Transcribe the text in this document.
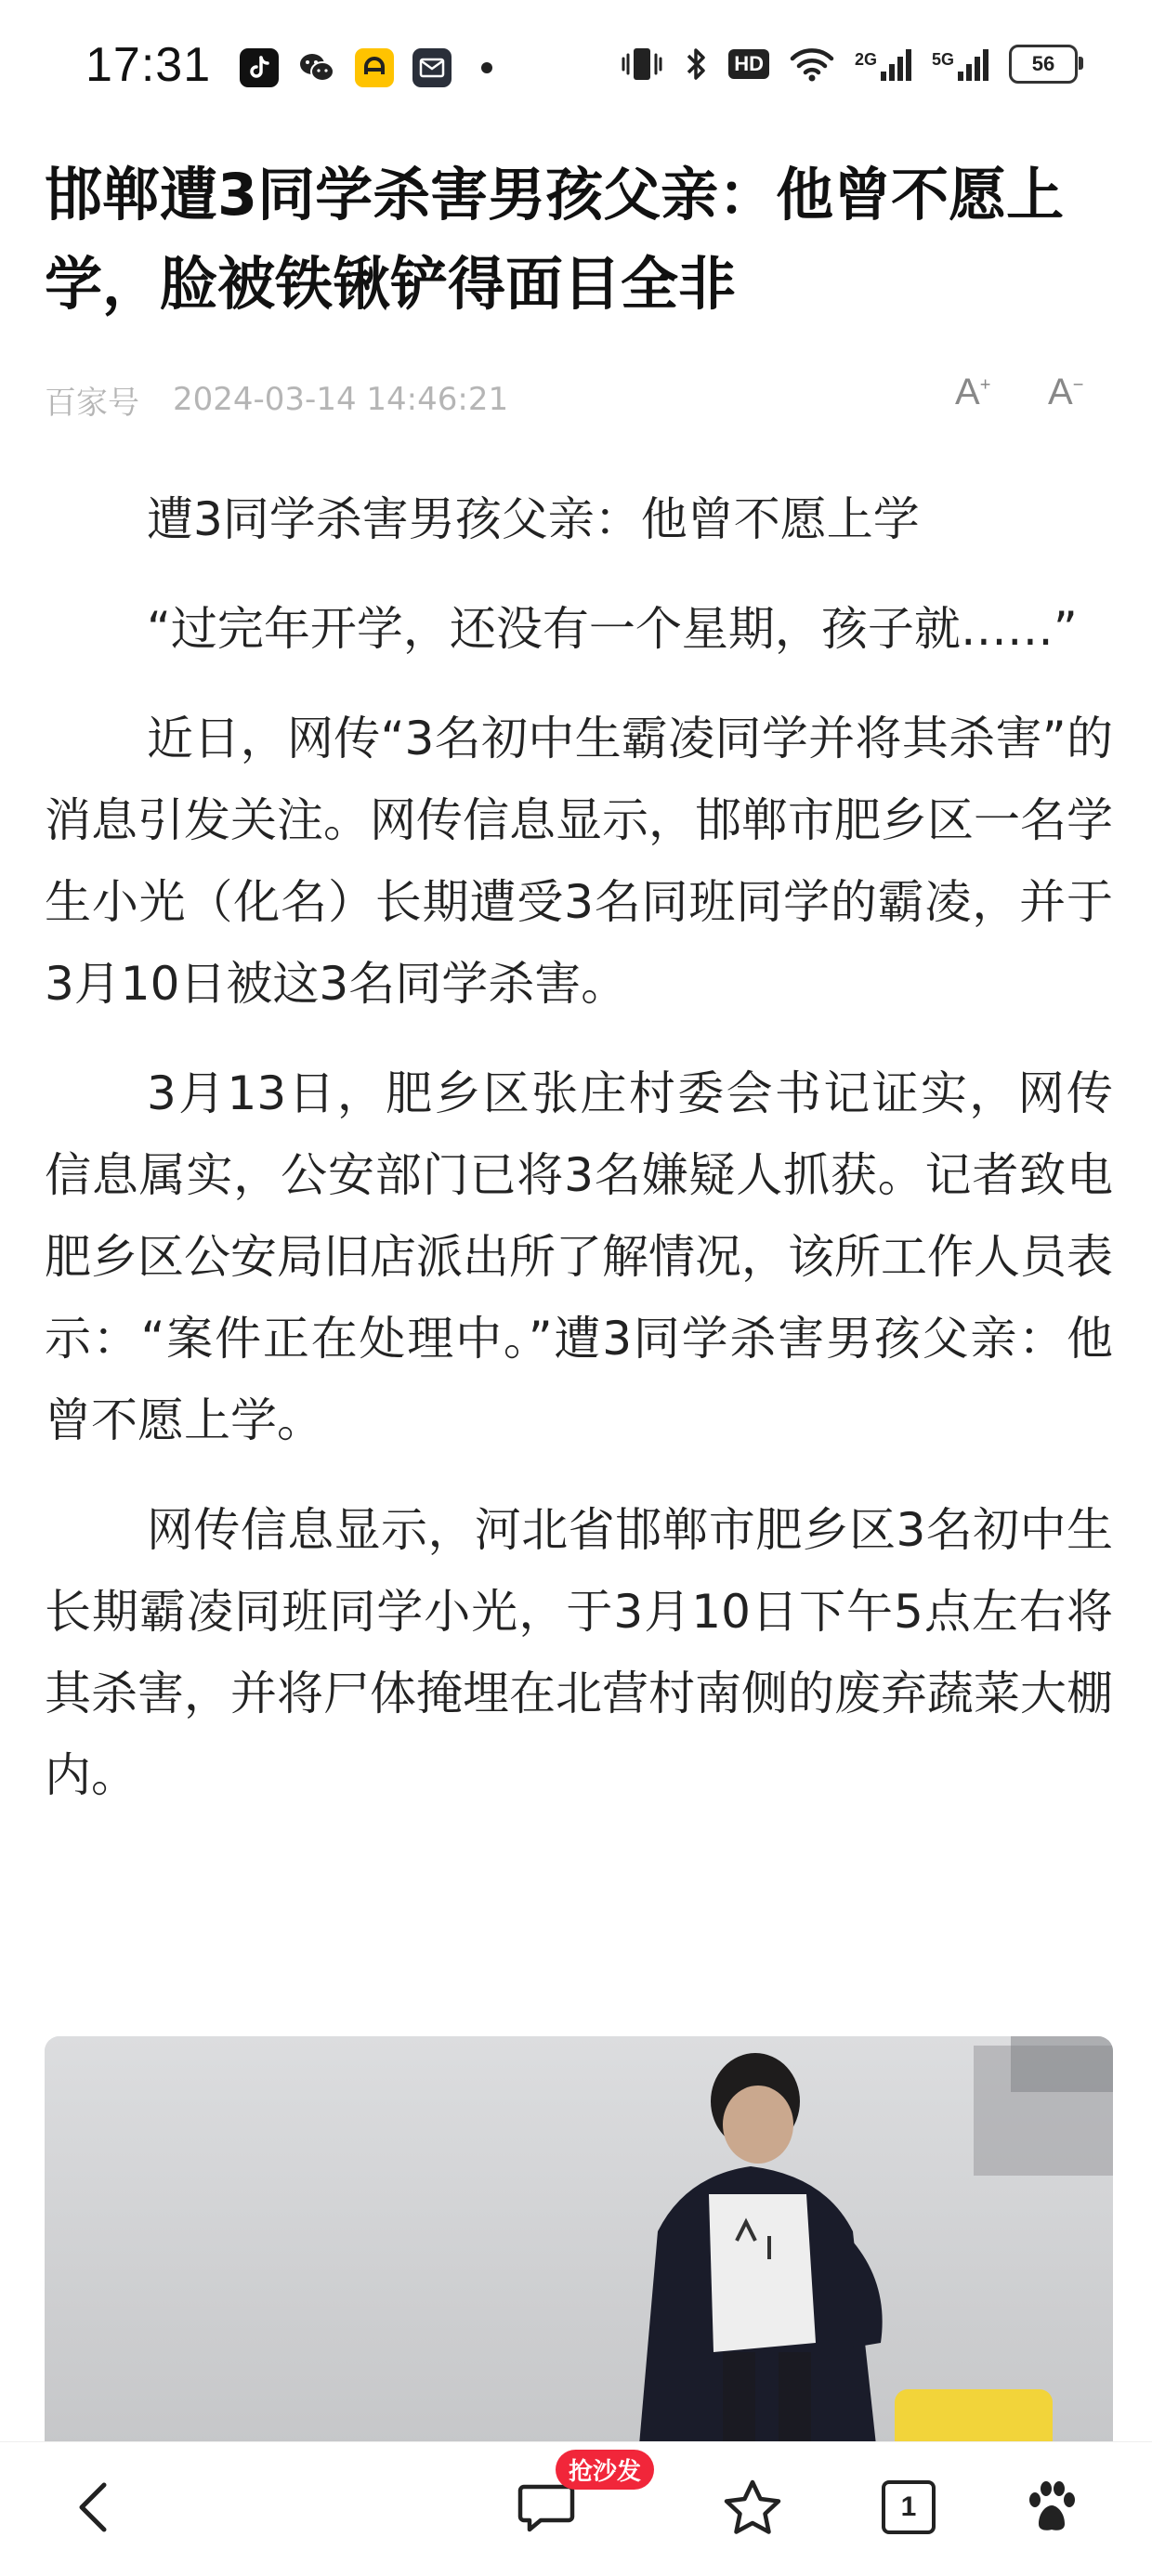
17:31	HD	2G	5G	56
邯郸遭3同学杀害男孩父亲：他曾不愿上学，脸被铁锹铲得面目全非
百家号 2024-03-14 14:46:21	A+ A−

遭3同学杀害男孩父亲：他曾不愿上学

“过完年开学，还没有一个星期，孩子就……”

近日，网传“3名初中生霸凌同学并将其杀害”的消息引发关注。网传信息显示，邯郸市肥乡区一名学生小光（化名）长期遭受3名同班同学的霸凌，并于3月10日被这3名同学杀害。

3月13日，肥乡区张庄村委会书记证实，网传信息属实，公安部门已将3名嫌疑人抓获。记者致电肥乡区公安局旧店派出所了解情况，该所工作人员表示：“案件正在处理中。”遭3同学杀害男孩父亲：他曾不愿上学。

网传信息显示，河北省邯郸市肥乡区3名初中生长期霸凌同班同学小光，于3月10日下午5点左右将其杀害，并将尸体掩埋在北营村南侧的废弃蔬菜大棚内。

抢沙发
1
